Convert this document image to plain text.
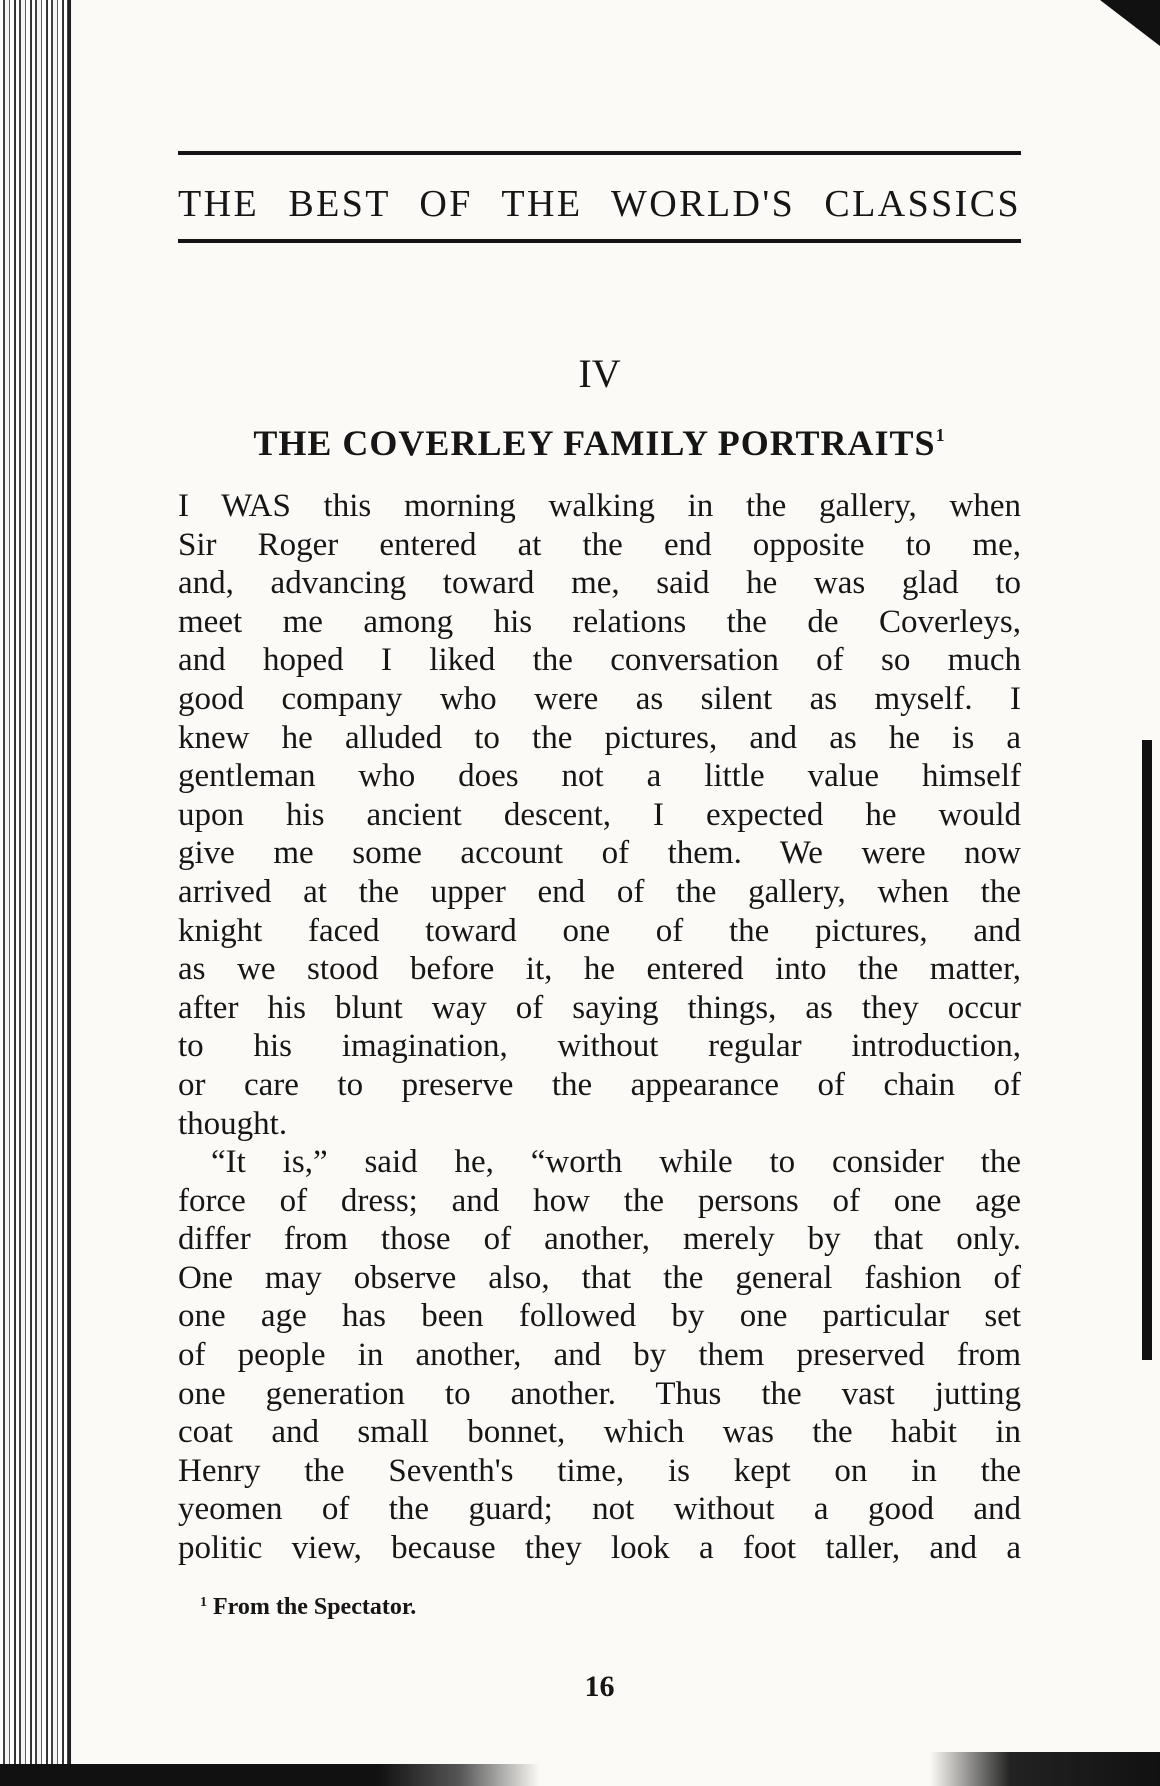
THE BEST OF THE WORLD'S CLASSICS
IV
THE COVERLEY FAMILY PORTRAITS$^1$
I WAS this morning walking in the gallery, when
Sir Roger entered at the end opposite to me,
and, advancing toward me, said he was glad to
meet me among his relations the de Coverleys,
and hoped I liked the conversation of so much
good company who were as silent as myself. I
knew he alluded to the pictures, and as he is a
gentleman who does not a little value himself
upon his ancient descent, I expected he would
give me some account of them. We were now
arrived at the upper end of the gallery, when the
knight faced toward one of the pictures, and
as we stood before it, he entered into the matter,
after his blunt way of saying things, as they occur
to his imagination, without regular introduction,
or care to preserve the appearance of chain of
thought.
“It is,” said he, “worth while to consider the
force of dress; and how the persons of one age
differ from those of another, merely by that only.
One may observe also, that the general fashion of
one age has been followed by one particular set
of people in another, and by them preserved from
one generation to another. Thus the vast jutting
coat and small bonnet, which was the habit in
Henry the Seventh's time, is kept on in the
yeomen of the guard; not without a good and
politic view, because they look a foot taller, and a
$^1$ From the Spectator.
16
